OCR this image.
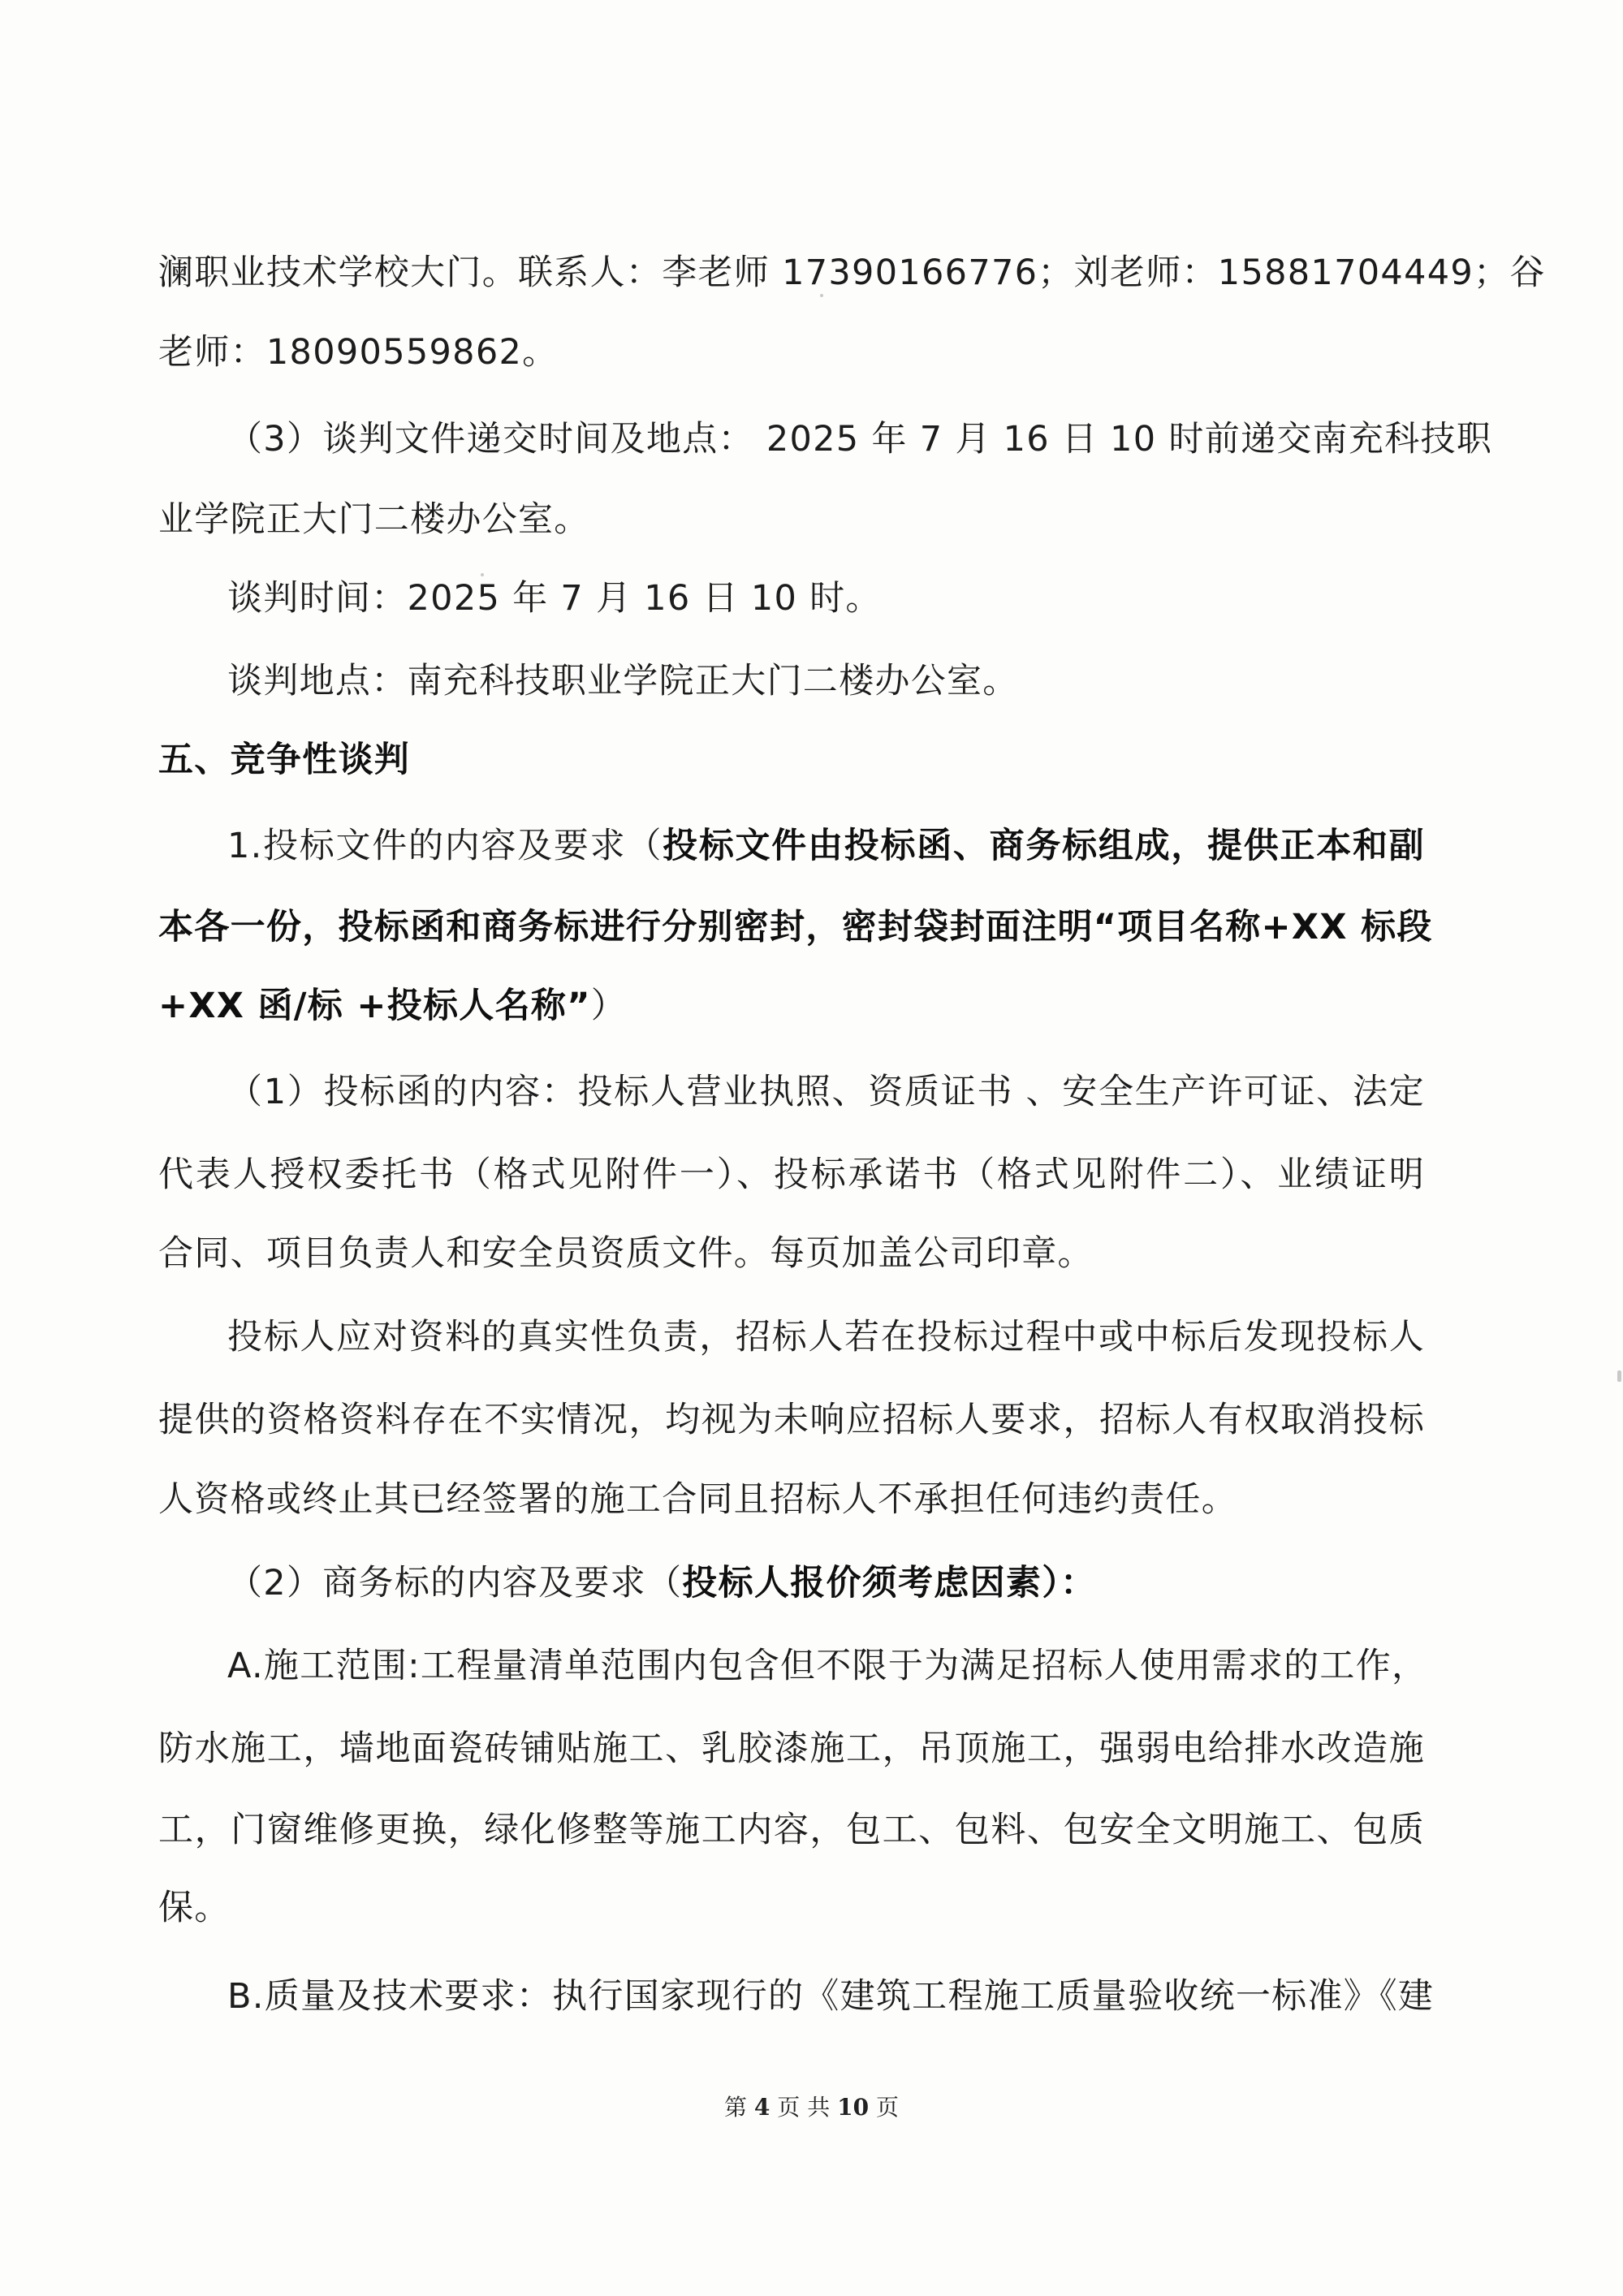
澜职业技术学校大门。联系人：李老师 17390166776；刘老师：15881704449；谷
老师：18090559862。
（3）谈判文件递交时间及地点： 2025 年 7 月 16 日 10 时前递交南充科技职
业学院正大门二楼办公室。
谈判时间：2025 年 7 月 16 日 10 时。
谈判地点：南充科技职业学院正大门二楼办公室。
五、竞争性谈判
1.投标文件的内容及要求（投标文件由投标函、商务标组成，提供正本和副
本各一份，投标函和商务标进行分别密封，密封袋封面注明“项目名称+XX 标段
+XX 函/标 +投标人名称”）
（1）投标函的内容：投标人营业执照、资质证书 、安全生产许可证、法定
代表人授权委托书（格式见附件一）、投标承诺书（格式见附件二）、业绩证明
合同、项目负责人和安全员资质文件。每页加盖公司印章。
投标人应对资料的真实性负责，招标人若在投标过程中或中标后发现投标人
提供的资格资料存在不实情况，均视为未响应招标人要求，招标人有权取消投标
人资格或终止其已经签署的施工合同且招标人不承担任何违约责任。
（2）商务标的内容及要求（投标人报价须考虑因素）：
A.施工范围:工程量清单范围内包含但不限于为满足招标人使用需求的工作，
防水施工，墙地面瓷砖铺贴施工、乳胶漆施工，吊顶施工，强弱电给排水改造施
工，门窗维修更换，绿化修整等施工内容，包工、包料、包安全文明施工、包质
保。
B.质量及技术要求：执行国家现行的《建筑工程施工质量验收统一标准》《建
第 4 页 共 10 页
